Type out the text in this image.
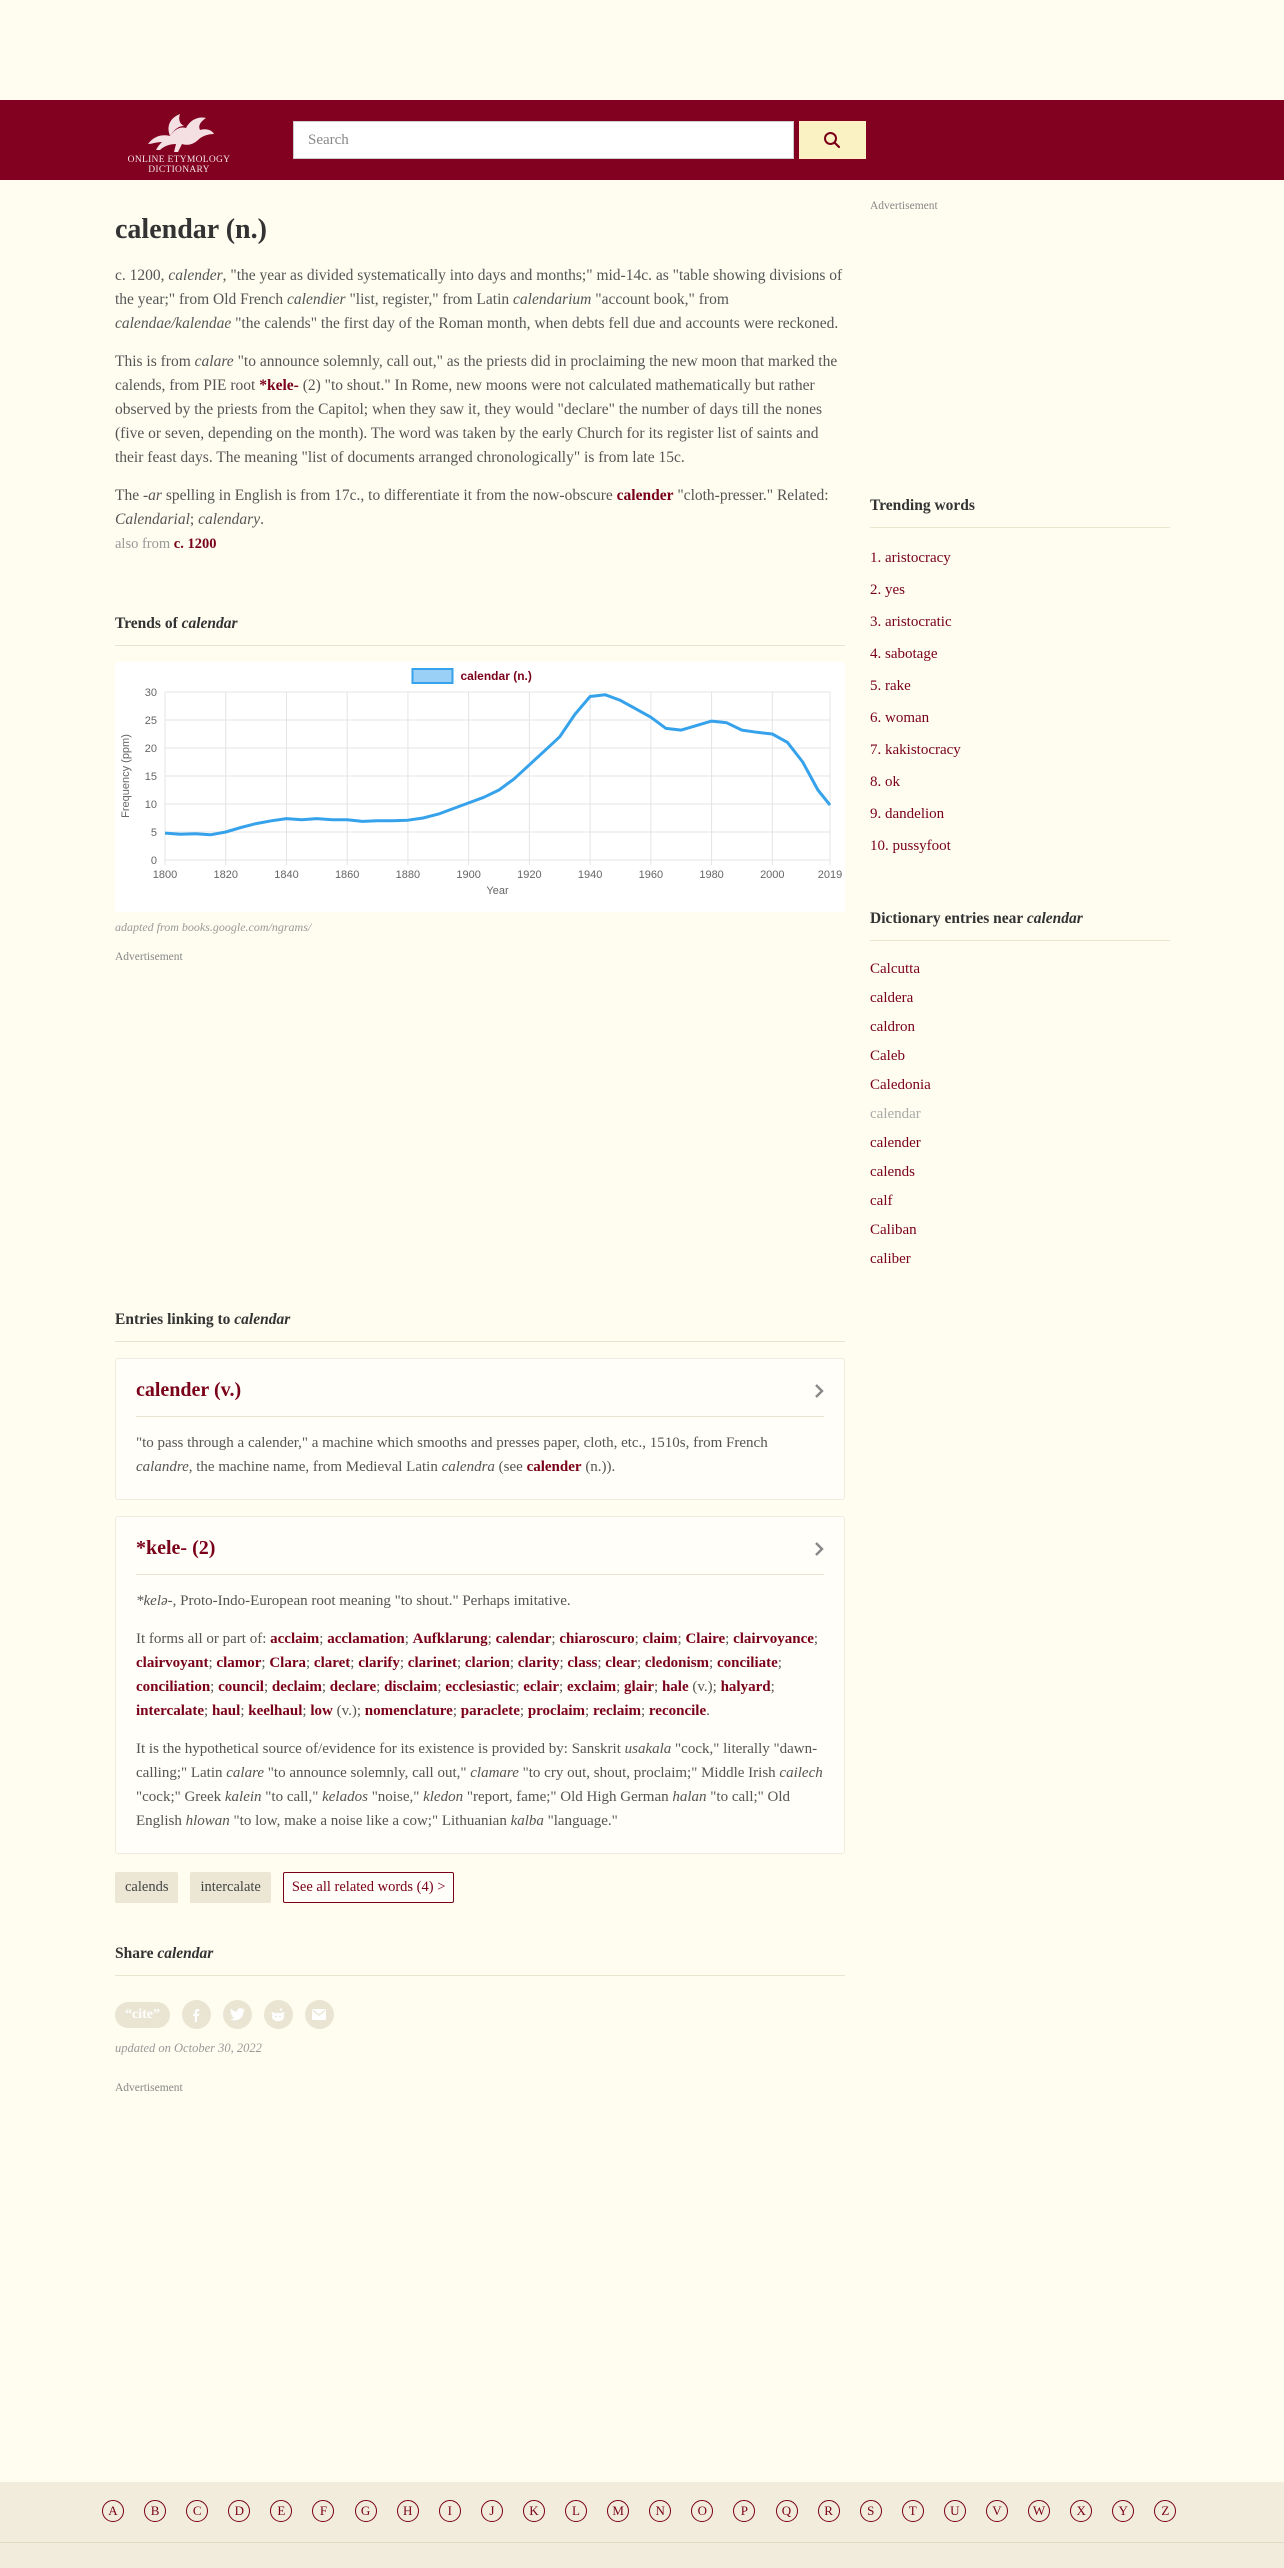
ONLINE ETYMOLOGY DICTIONARY
Search
calendar (n.)

c. 1200, calender, "the year as divided systematically into days and months;" mid-14c. as "table showing divisions of the year;" from Old French calendier "list, register," from Latin calendarium "account book," from calendae/kalendae "the calends" the first day of the Roman month, when debts fell due and accounts were reckoned.

This is from calare "to announce solemnly, call out," as the priests did in proclaiming the new moon that marked the calends, from PIE root *kele- (2) "to shout." In Rome, new moons were not calculated mathematically but rather observed by the priests from the Capitol; when they saw it, they would "declare" the number of days till the nones (five or seven, depending on the month). The word was taken by the early Church for its register list of saints and their feast days. The meaning "list of documents arranged chronologically" is from late 15c.

The -ar spelling in English is from 17c., to differentiate it from the now-obscure calender "cloth-presser." Related: Calendarial; calendary.

also from c. 1200
Trends of calendar
0
5
10
15
20
25
30
1800	1820	1840	1860	1880	1900	1920	1940	1960	1980	2000	2019
Year
Frequency (ppm)
calendar (n.)
adapted from books.google.com/ngrams/
Advertisement
Entries linking to calendar
calender (v.)

"to pass through a calender," a machine which smooths and presses paper, cloth, etc., 1510s, from French calandre, the machine name, from Medieval Latin calendra (see calender (n.)).

*kele- (2)

*kelə-, Proto-Indo-European root meaning "to shout." Perhaps imitative.

It forms all or part of: acclaim; acclamation; Aufklarung; calendar; chiaroscuro; claim; Claire; clairvoyance; clairvoyant; clamor; Clara; claret; clarify; clarinet; clarion; clarity; class; clear; cledonism; conciliate; conciliation; council; declaim; declare; disclaim; ecclesiastic; eclair; exclaim; glair; hale (v.); halyard; intercalate; haul; keelhaul; low (v.); nomenclature; paraclete; proclaim; reclaim; reconcile.

It is the hypothetical source of/evidence for its existence is provided by: Sanskrit usakala "cock," literally "dawn-calling;" Latin calare "to announce solemnly, call out," clamare "to cry out, shout, proclaim;" Middle Irish cailech "cock;" Greek kalein "to call," kelados "noise," kledon "report, fame;" Old High German halan "to call;" Old English hlowan "to low, make a noise like a cow;" Lithuanian kalba "language."

calends	intercalate	See all related words (4) >
Share calendar
“cite”
updated on October 30, 2022
Advertisement
Advertisement
Trending words
1. aristocracy
2. yes
3. aristocratic
4. sabotage
5. rake
6. woman
7. kakistocracy
8. ok
9. dandelion
10. pussyfoot
Dictionary entries near calendar
Calcutta
caldera
caldron
Caleb
Caledonia
calendar
calender
calends
calf
Caliban
caliber
A	B	C	D	E	F	G	H	I	J	K	L	M	N	O	P	Q	R	S	T	U	V	W	X	Y	Z
